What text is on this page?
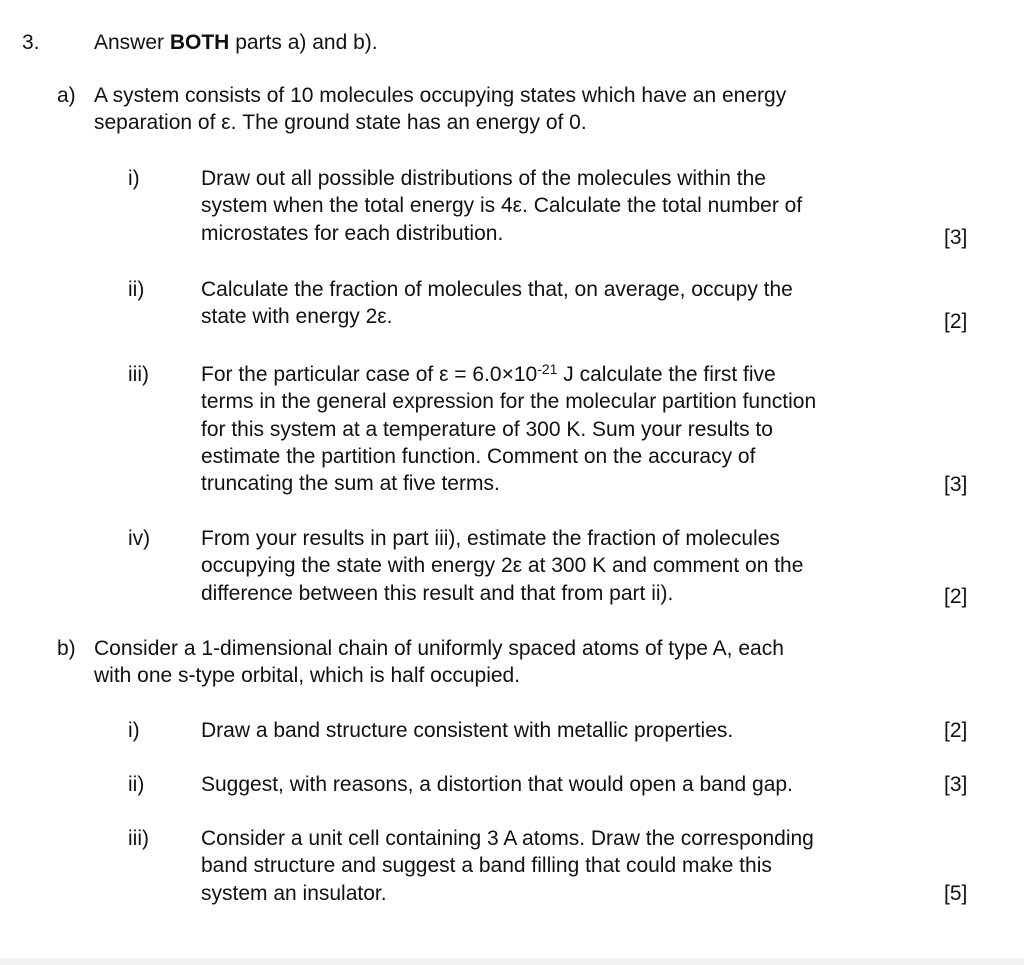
3.	Answer BOTH parts a) and b).
a) A system consists of 10 molecules occupying states which have an energy
separation of ε. The ground state has an energy of 0.
i)	Draw out all possible distributions of the molecules within the
system when the total energy is 4ε. Calculate the total number of
microstates for each distribution.	[3]
ii)	Calculate the fraction of molecules that, on average, occupy the
state with energy 2ε.	[2]
iii) For the particular case of $\varepsilon = 6.0\times 10^{-21}$ J calculate the first five
terms in the general expression for the molecular partition function
for this system at a temperature of 300 K. Sum your results to
estimate the partition function. Comment on the accuracy of
truncating the sum at five terms.	[3]
iv) From your results in part iii), estimate the fraction of molecules
occupying the state with energy 2ε at 300 K and comment on the
difference between this result and that from part ii).	[2]
b) Consider a 1-dimensional chain of uniformly spaced atoms of type A, each
with one s-type orbital, which is half occupied.
i)	Draw a band structure consistent with metallic properties.	[2]
ii)	Suggest, with reasons, a distortion that would open a band gap.	[3]
iii) Consider a unit cell containing 3 A atoms. Draw the corresponding
band structure and suggest a band filling that could make this
system an insulator.	[5]
